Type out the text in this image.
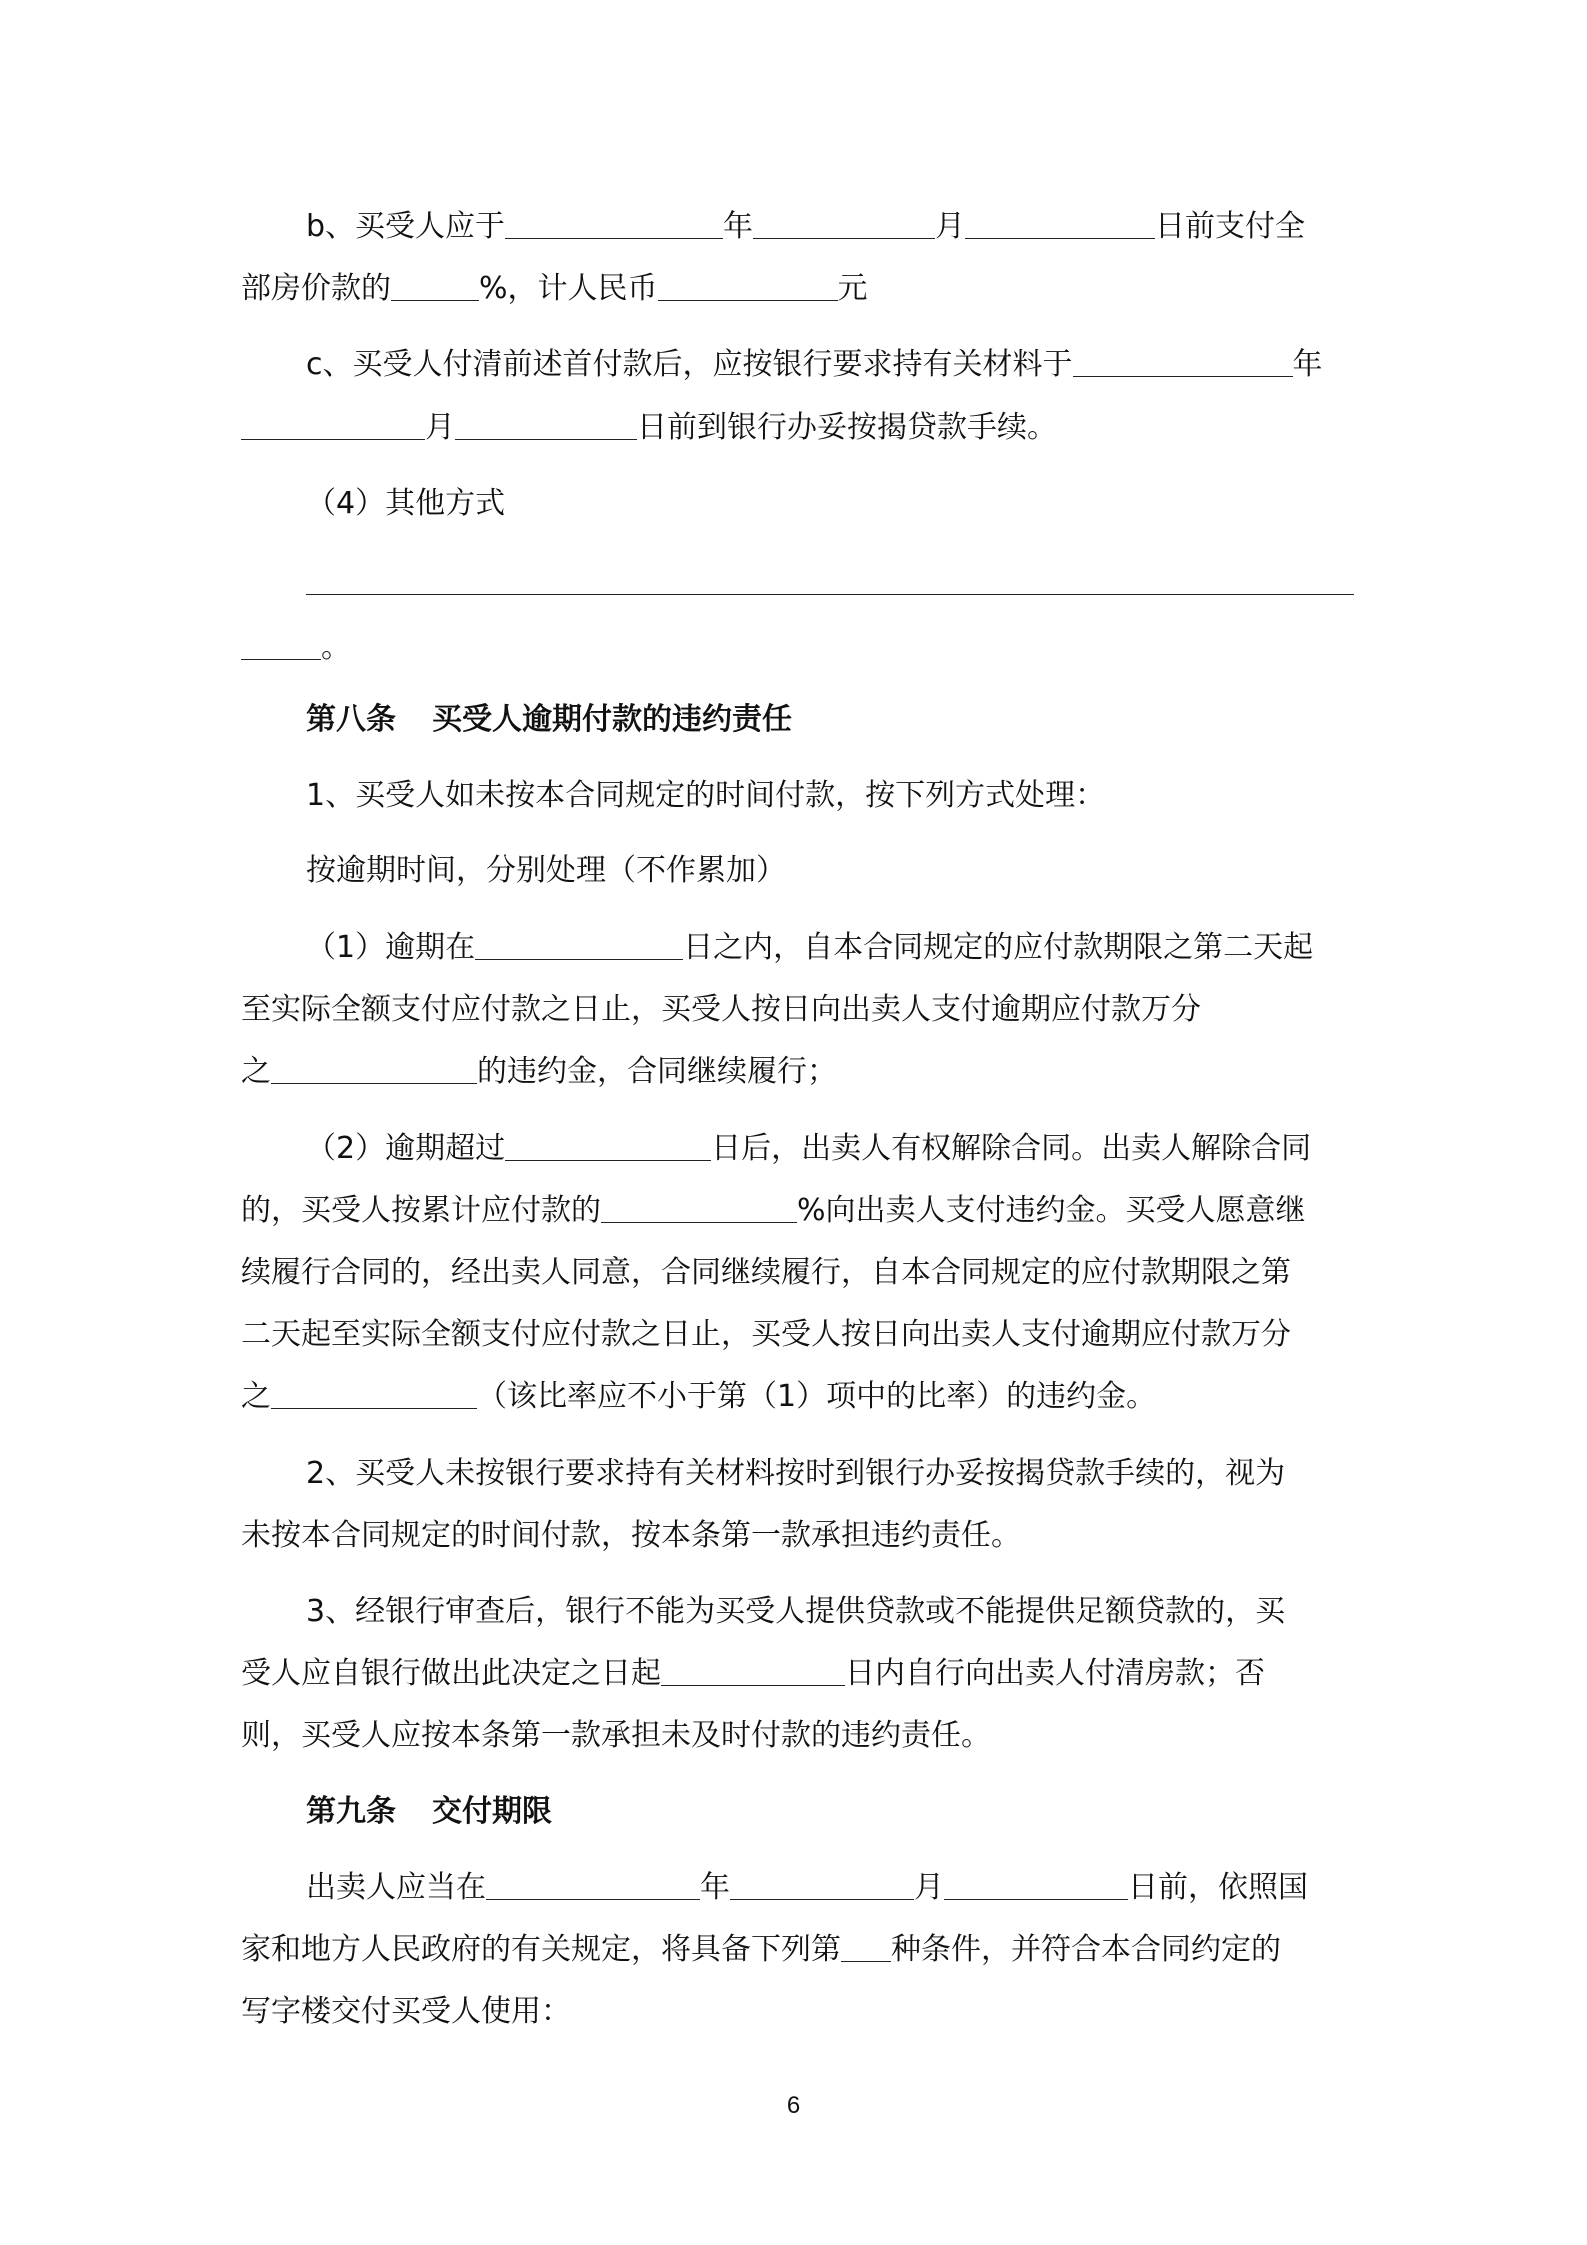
b、买受人应于	年	月	日前支付全
部房价款的	%，计人民币	元
c、买受人付清前述首付款后，应按银行要求持有关材料于	年
月	日前到银行办妥按揭贷款手续。
（4）其他方式
。
第八条 买受人逾期付款的违约责任
1、买受人如未按本合同规定的时间付款，按下列方式处理：
按逾期时间，分别处理（不作累加）
（1）逾期在	日之内，自本合同规定的应付款期限之第二天起
至实际全额支付应付款之日止，买受人按日向出卖人支付逾期应付款万分
之	的违约金，合同继续履行；
（2）逾期超过	日后，出卖人有权解除合同。出卖人解除合同
的，买受人按累计应付款的	%向出卖人支付违约金。买受人愿意继
续履行合同的，经出卖人同意，合同继续履行，自本合同规定的应付款期限之第
二天起至实际全额支付应付款之日止，买受人按日向出卖人支付逾期应付款万分
之	（该比率应不小于第（1）项中的比率）的违约金。
2、买受人未按银行要求持有关材料按时到银行办妥按揭贷款手续的，视为
未按本合同规定的时间付款，按本条第一款承担违约责任。
3、经银行审查后，银行不能为买受人提供贷款或不能提供足额贷款的，买
受人应自银行做出此决定之日起	日内自行向出卖人付清房款；否
则，买受人应按本条第一款承担未及时付款的违约责任。
第九条 交付期限
出卖人应当在	年	月	日前，依照国
家和地方人民政府的有关规定，将具备下列第 种条件，并符合本合同约定的
写字楼交付买受人使用：
6
